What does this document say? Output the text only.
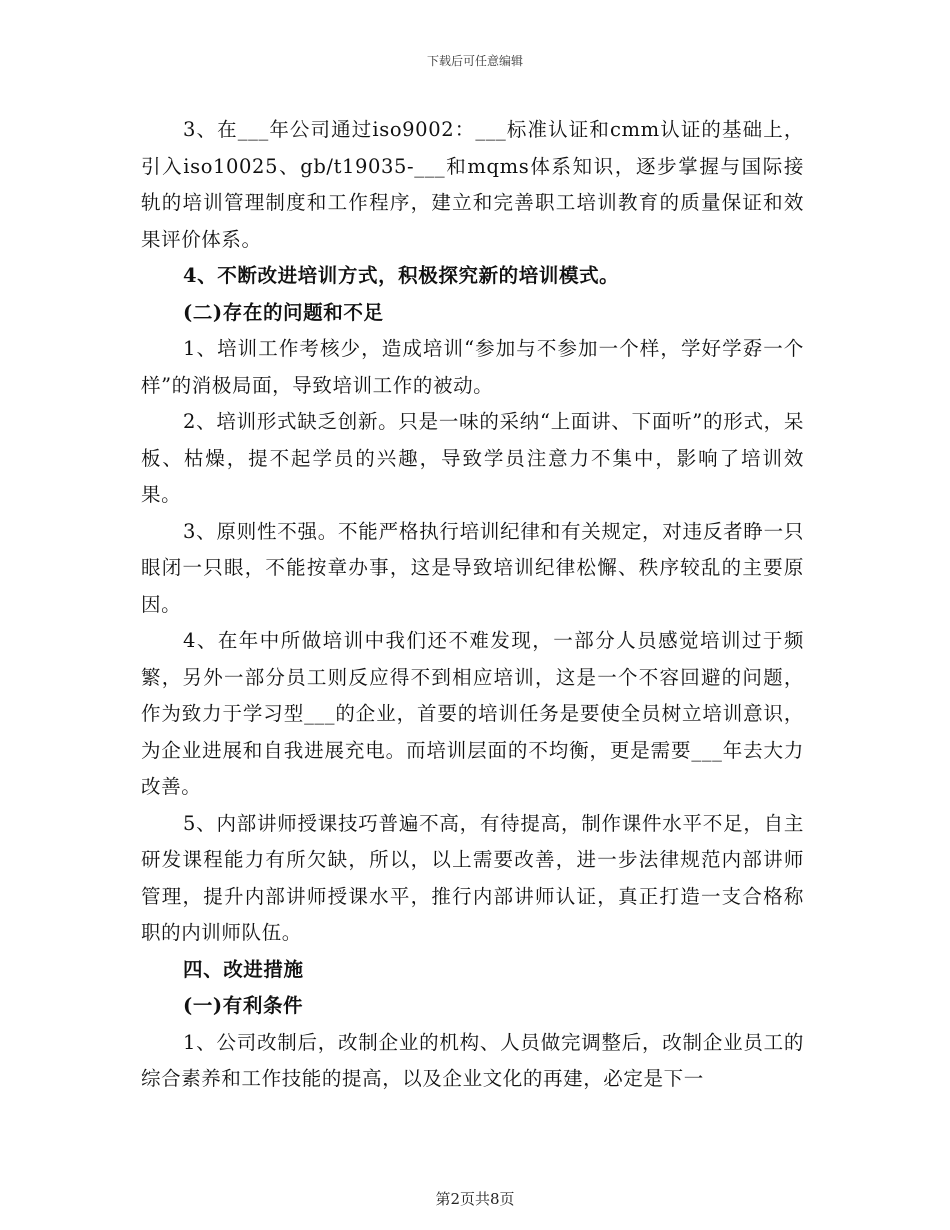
下载后可任意编辑

3、在___年公司通过iso9002：___标准认证和cmm认证的基础上，引入iso10025、gb/t19035-___和mqms体系知识，逐步掌握与国际接轨的培训管理制度和工作程序，建立和完善职工培训教育的质量保证和效果评价体系。

4、不断改进培训方式，积极探究新的培训模式。

(二)存在的问题和不足

1、培训工作考核少，造成培训“参加与不参加一个样，学好学孬一个样”的消极局面，导致培训工作的被动。

2、培训形式缺乏创新。只是一味的采纳“上面讲、下面听”的形式，呆板、枯燥，提不起学员的兴趣，导致学员注意力不集中，影响了培训效果。

3、原则性不强。不能严格执行培训纪律和有关规定，对违反者睁一只眼闭一只眼，不能按章办事，这是导致培训纪律松懈、秩序较乱的主要原因。

4、在年中所做培训中我们还不难发现，一部分人员感觉培训过于频繁，另外一部分员工则反应得不到相应培训，这是一个不容回避的问题，作为致力于学习型___的企业，首要的培训任务是要使全员树立培训意识，为企业进展和自我进展充电。而培训层面的不均衡，更是需要___年去大力改善。

5、内部讲师授课技巧普遍不高，有待提高，制作课件水平不足，自主研发课程能力有所欠缺，所以，以上需要改善，进一步法律规范内部讲师管理，提升内部讲师授课水平，推行内部讲师认证，真正打造一支合格称职的内训师队伍。

四、改进措施

(一)有利条件

1、公司改制后，改制企业的机构、人员做完调整后，改制企业员工的综合素养和工作技能的提高，以及企业文化的再建，必定是下一

第2页共8页
